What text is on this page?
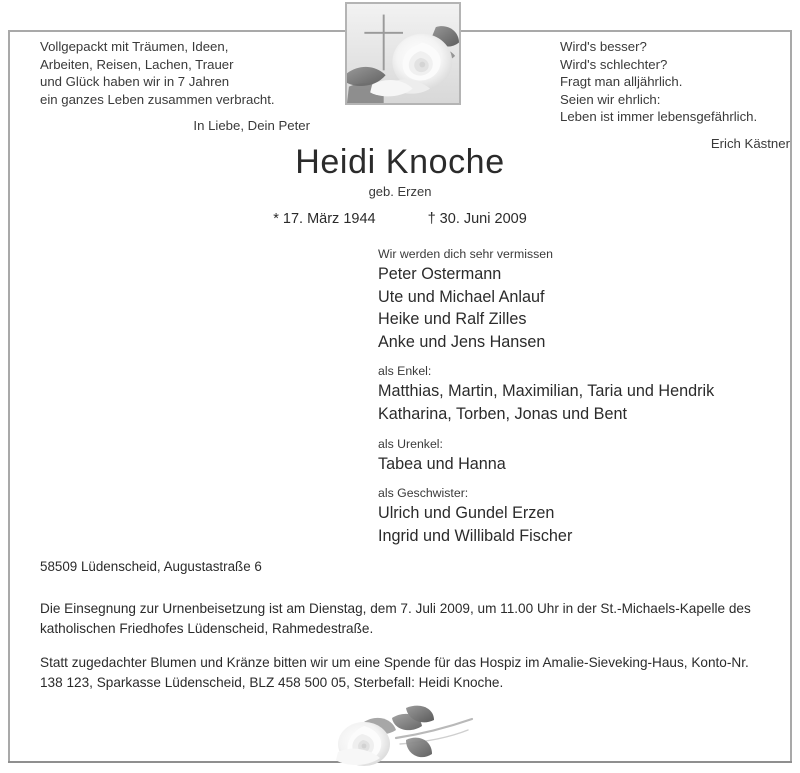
Vollgepackt mit Träumen, Ideen,
Arbeiten, Reisen, Lachen, Trauer
und Glück haben wir in 7 Jahren
ein ganzes Leben zusammen verbracht.
In Liebe, Dein Peter
Wird's besser?
Wird's schlechter?
Fragt man alljährlich.
Seien wir ehrlich:
Leben ist immer lebensgefährlich.
Erich Kästner
Heidi Knoche
geb. Erzen
* 17. März 1944	† 30. Juni 2009
Wir werden dich sehr vermissen
Peter Ostermann
Ute und Michael Anlauf
Heike und Ralf Zilles
Anke und Jens Hansen
als Enkel:
Matthias, Martin, Maximilian, Taria und Hendrik
Katharina, Torben, Jonas und Bent
als Urenkel:
Tabea und Hanna
als Geschwister:
Ulrich und Gundel Erzen
Ingrid und Willibald Fischer
58509 Lüdenscheid, Augustastraße 6
Die Einsegnung zur Urnenbeisetzung ist am Dienstag, dem 7. Juli 2009, um 11.00 Uhr in der St.-Michaels-Kapelle des katholischen Friedhofes Lüdenscheid, Rahmedestraße.
Statt zugedachter Blumen und Kränze bitten wir um eine Spende für das Hospiz im Amalie-Sieveking-Haus, Konto-Nr. 138 123, Sparkasse Lüdenscheid, BLZ 458 500 05, Sterbefall: Heidi Knoche.
